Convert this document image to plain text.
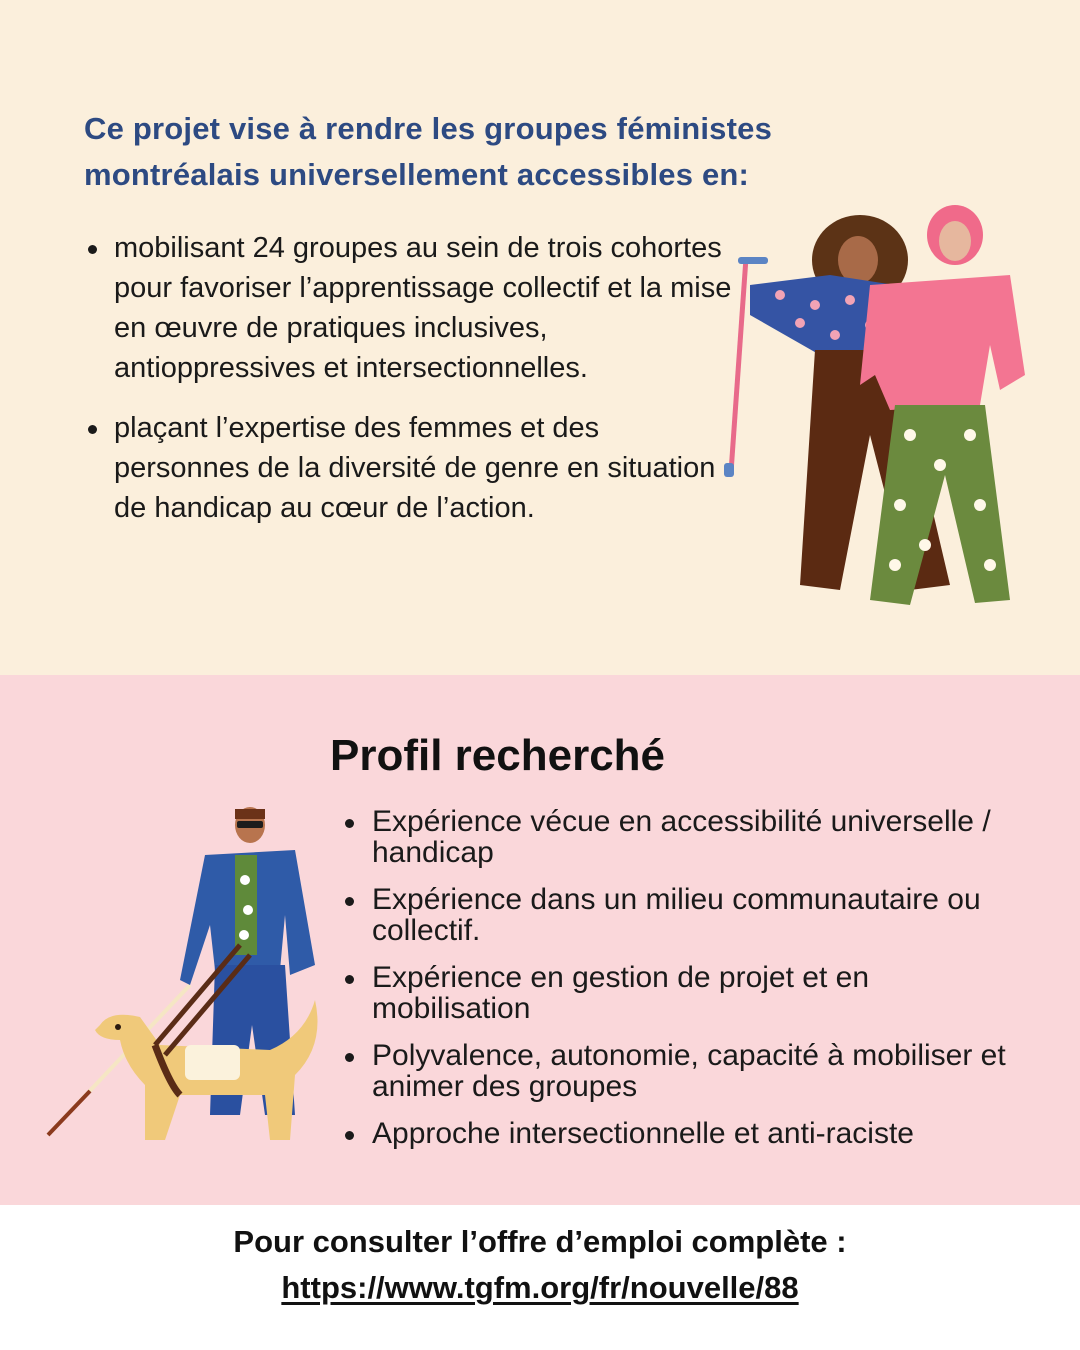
Ce projet vise à rendre les groupes féministes montréalais universellement accessibles en:
mobilisant 24 groupes au sein de trois cohortes pour favoriser l’apprentissage collectif et la mise en œuvre de pratiques inclusives, antioppressives et intersectionnelles.
plaçant l’expertise des femmes et des personnes de la diversité de genre en situation de handicap au cœur de l’action.
Profil recherché
Expérience vécue en accessibilité universelle / handicap
Expérience dans un milieu communautaire ou collectif.
Expérience en gestion de projet et en mobilisation
Polyvalence, autonomie, capacité à mobiliser et animer des groupes
Approche intersectionnelle et anti-raciste
Pour consulter l’offre d’emploi complète :
https://www.tgfm.org/fr/nouvelle/88
